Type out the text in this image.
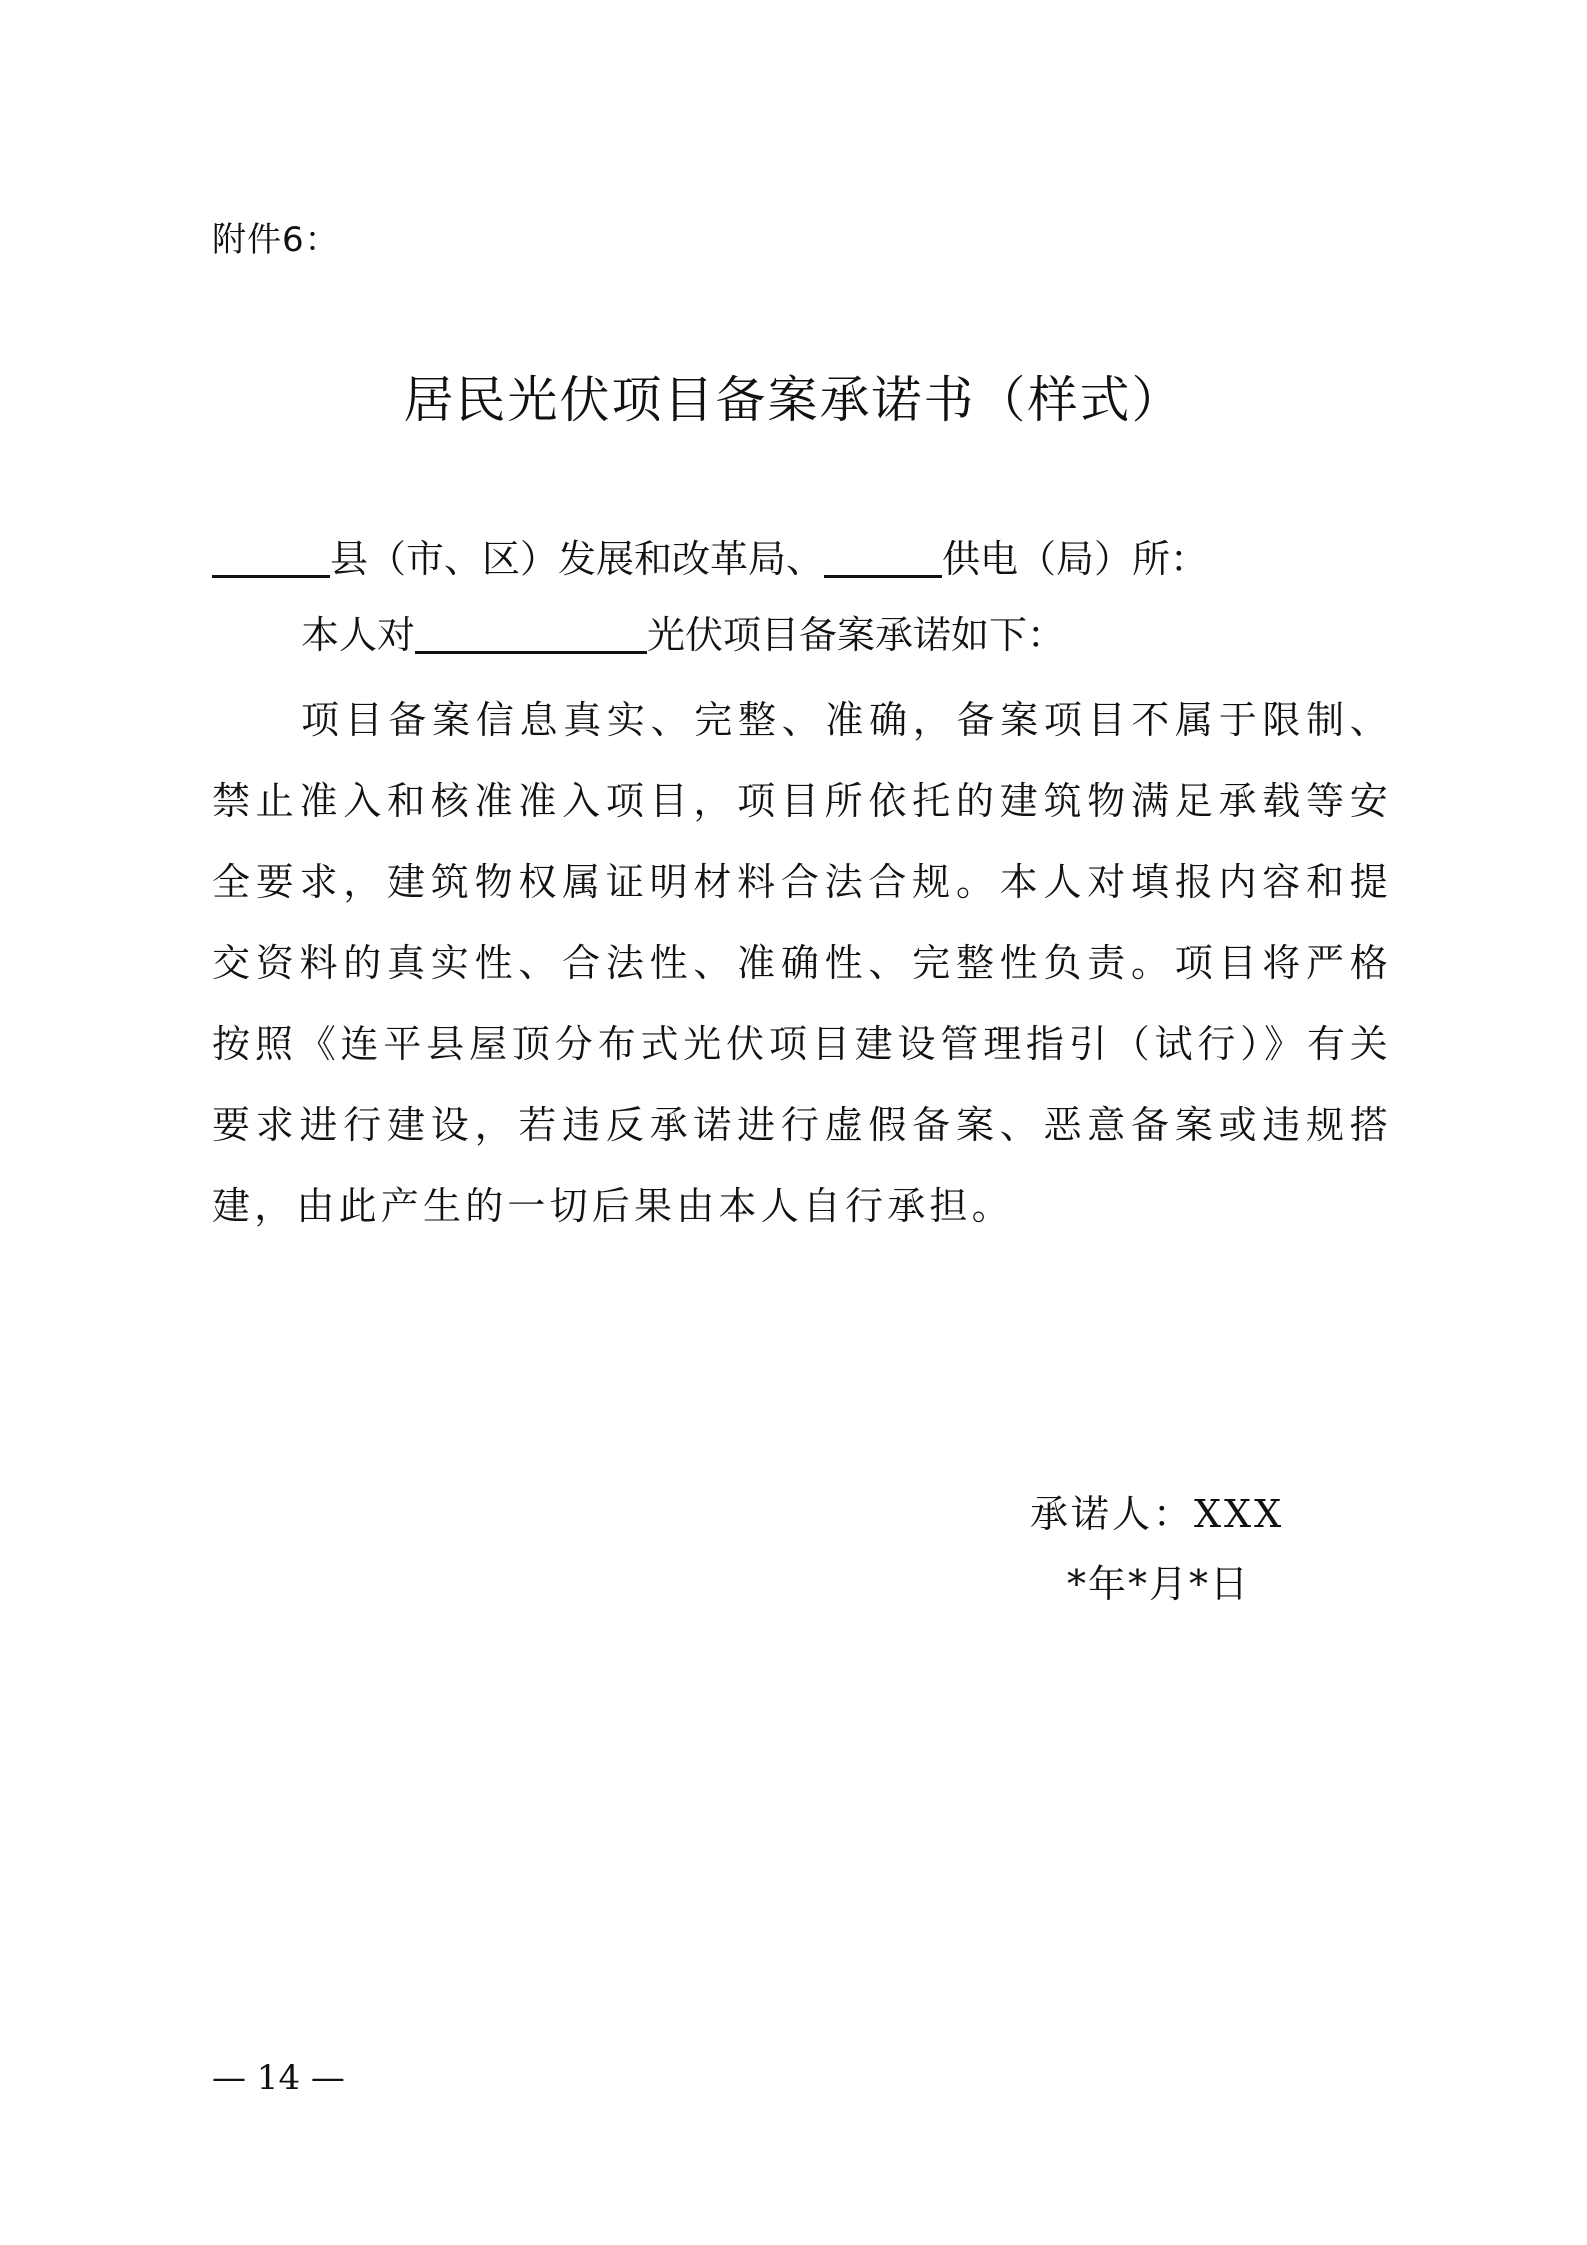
附件6：
居民光伏项目备案承诺书（样式）
县（市、区）发展和改革局、	供电（局）所：
本人对	光伏项目备案承诺如下：
项目备案信息真实、完整、准确，备案项目不属于限制、禁止准入和核准准入项目，项目所依托的建筑物满足承载等安全要求，建筑物权属证明材料合法合规。本人对填报内容和提交资料的真实性、合法性、准确性、完整性负责。项目将严格按照《连平县屋顶分布式光伏项目建设管理指引（试行）》有关要求进行建设，若违反承诺进行虚假备案、恶意备案或违规搭建，由此产生的一切后果由本人自行承担。
承诺人：XXX
*年*月*日
— 14 —
